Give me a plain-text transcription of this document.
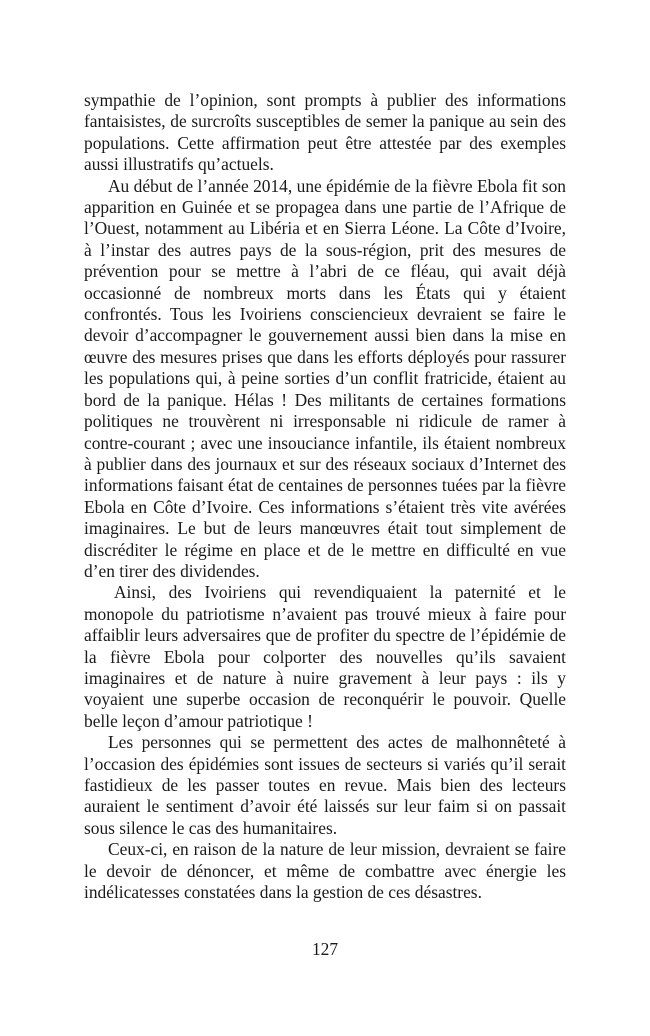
sympathie de l’opinion, sont prompts à publier des informations fantaisistes, de surcroîts susceptibles de semer la panique au sein des populations. Cette affirmation peut être attestée par des exemples aussi illustratifs qu’actuels.

Au début de l’année 2014, une épidémie de la fièvre Ebola fit son apparition en Guinée et se propagea dans une partie de l’Afrique de l’Ouest, notamment au Libéria et en Sierra Léone. La Côte d’Ivoire, à l’instar des autres pays de la sous-région, prit des mesures de prévention pour se mettre à l’abri de ce fléau, qui avait déjà occasionné de nombreux morts dans les États qui y étaient confrontés. Tous les Ivoiriens consciencieux devraient se faire le devoir d’accompagner le gouvernement aussi bien dans la mise en œuvre des mesures prises que dans les efforts déployés pour rassurer les populations qui, à peine sorties d’un conflit fratricide, étaient au bord de la panique. Hélas ! Des militants de certaines formations politiques ne trouvèrent ni irresponsable ni ridicule de ramer à contre-courant ; avec une insouciance infantile, ils étaient nombreux à publier dans des journaux et sur des réseaux sociaux d’Internet des informations faisant état de centaines de personnes tuées par la fièvre Ebola en Côte d’Ivoire. Ces informations s’étaient très vite avérées imaginaires. Le but de leurs manœuvres était tout simplement de discréditer le régime en place et de le mettre en difficulté en vue d’en tirer des dividendes.

Ainsi, des Ivoiriens qui revendiquaient la paternité et le monopole du patriotisme n’avaient pas trouvé mieux à faire pour affaiblir leurs adversaires que de profiter du spectre de l’épidémie de la fièvre Ebola pour colporter des nouvelles qu’ils savaient imaginaires et de nature à nuire gravement à leur pays : ils y voyaient une superbe occasion de reconquérir le pouvoir. Quelle belle leçon d’amour patriotique !

Les personnes qui se permettent des actes de malhonnêteté à l’occasion des épidémies sont issues de secteurs si variés qu’il serait fastidieux de les passer toutes en revue. Mais bien des lecteurs auraient le sentiment d’avoir été laissés sur leur faim si on passait sous silence le cas des humanitaires.

Ceux-ci, en raison de la nature de leur mission, devraient se faire le devoir de dénoncer, et même de combattre avec énergie les indélicatesses constatées dans la gestion de ces désastres.

127
